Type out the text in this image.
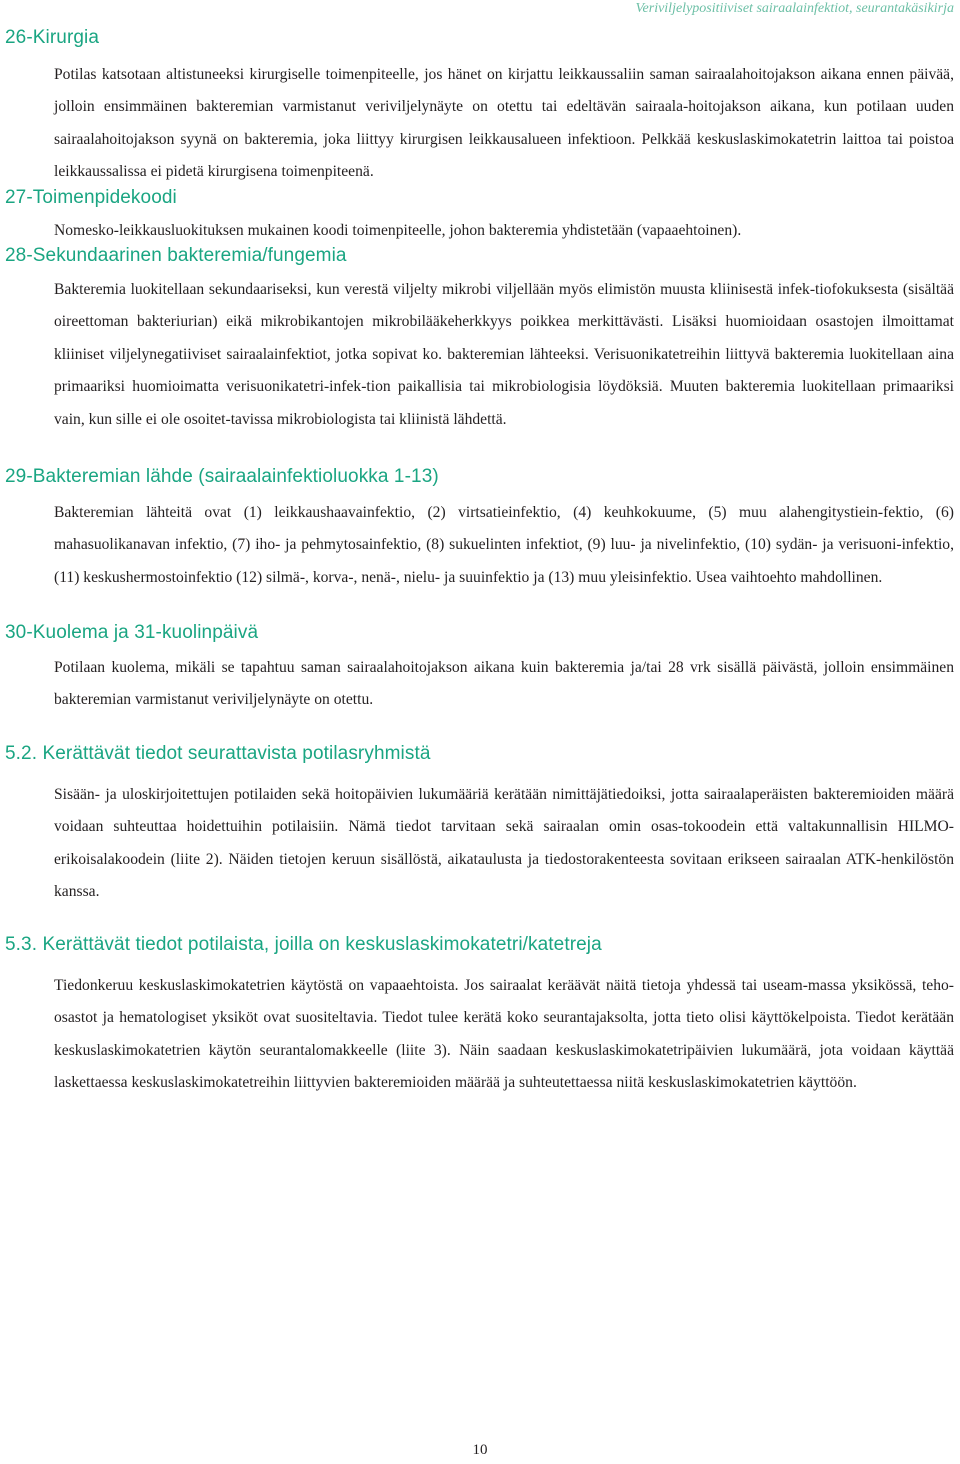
Veriviljelypositiiviset sairaalainfektiot, seurantakäsikirja
26-Kirurgia

Potilas katsotaan altistuneeksi kirurgiselle toimenpiteelle, jos hänet on kirjattu leikkaussaliin saman sairaalahoitojakson aikana ennen päivää, jolloin ensimmäinen bakteremian varmistanut veriviljelynäyte on otettu tai edeltävän sairaala-hoitojakson aikana, kun potilaan uuden sairaalahoitojakson syynä on bakteremia, joka liittyy kirurgisen leikkausalueen infektioon. Pelkkää keskuslaskimokatetrin laittoa tai poistoa leikkaussalissa ei pidetä kirurgisena toimenpiteenä.

27-Toimenpidekoodi

Nomesko-leikkausluokituksen mukainen koodi toimenpiteelle, johon bakteremia yhdistetään (vapaaehtoinen).

28-Sekundaarinen bakteremia/fungemia

Bakteremia luokitellaan sekundaariseksi, kun verestä viljelty mikrobi viljellään myös elimistön muusta kliinisestä infek-tiofokuksesta (sisältää oireettoman bakteriurian) eikä mikrobikantojen mikrobilääkeherkkyys poikkea merkittävästi. Lisäksi huomioidaan osastojen ilmoittamat kliiniset viljelynegatiiviset sairaalainfektiot, jotka sopivat ko. bakteremian lähteeksi. Verisuonikatetreihin liittyvä bakteremia luokitellaan aina primaariksi huomioimatta verisuonikatetri-infek-tion paikallisia tai mikrobiologisia löydöksiä. Muuten bakteremia luokitellaan primaariksi vain, kun sille ei ole osoitet-tavissa mikrobiologista tai kliinistä lähdettä.

29-Bakteremian lähde (sairaalainfektioluokka 1-13)

Bakteremian lähteitä ovat (1) leikkaushaavainfektio, (2) virtsatieinfektio, (4) keuhkokuume, (5) muu alahengitystiein-fektio, (6) mahasuolikanavan infektio, (7) iho- ja pehmytosainfektio, (8) sukuelinten infektiot, (9) luu- ja nivelinfektio, (10) sydän- ja verisuoni-infektio, (11) keskushermostoinfektio (12) silmä-, korva-, nenä-, nielu- ja suuinfektio ja (13) muu yleisinfektio. Usea vaihtoehto mahdollinen.

30-Kuolema ja 31-kuolinpäivä

Potilaan kuolema, mikäli se tapahtuu saman sairaalahoitojakson aikana kuin bakteremia ja/tai 28 vrk sisällä päivästä, jolloin ensimmäinen bakteremian varmistanut veriviljelynäyte on otettu.

5.2. Kerättävät tiedot seurattavista potilasryhmistä

Sisään- ja uloskirjoitettujen potilaiden sekä hoitopäivien lukumääriä kerätään nimittäjätiedoiksi, jotta sairaalaperäisten bakteremioiden määrä voidaan suhteuttaa hoidettuihin potilaisiin. Nämä tiedot tarvitaan sekä sairaalan omin osas-tokoodein että valtakunnallisin HILMO-erikoisalakoodein (liite 2). Näiden tietojen keruun sisällöstä, aikataulusta ja tiedostorakenteesta sovitaan erikseen sairaalan ATK-henkilöstön kanssa.

5.3. Kerättävät tiedot potilaista, joilla on keskuslaskimokatetri/katetreja

Tiedonkeruu keskuslaskimokatetrien käytöstä on vapaaehtoista. Jos sairaalat keräävät näitä tietoja yhdessä tai useam-massa yksikössä, teho-osastot ja hematologiset yksiköt ovat suositeltavia. Tiedot tulee kerätä koko seurantajaksolta, jotta tieto olisi käyttökelpoista. Tiedot kerätään keskuslaskimokatetrien käytön seurantalomakkeelle (liite 3). Näin saadaan keskuslaskimokatetripäivien lukumäärä, jota voidaan käyttää laskettaessa keskuslaskimokatetreihin liittyvien bakteremioiden määrää ja suhteutettaessa niitä keskuslaskimokatetrien käyttöön.

10
